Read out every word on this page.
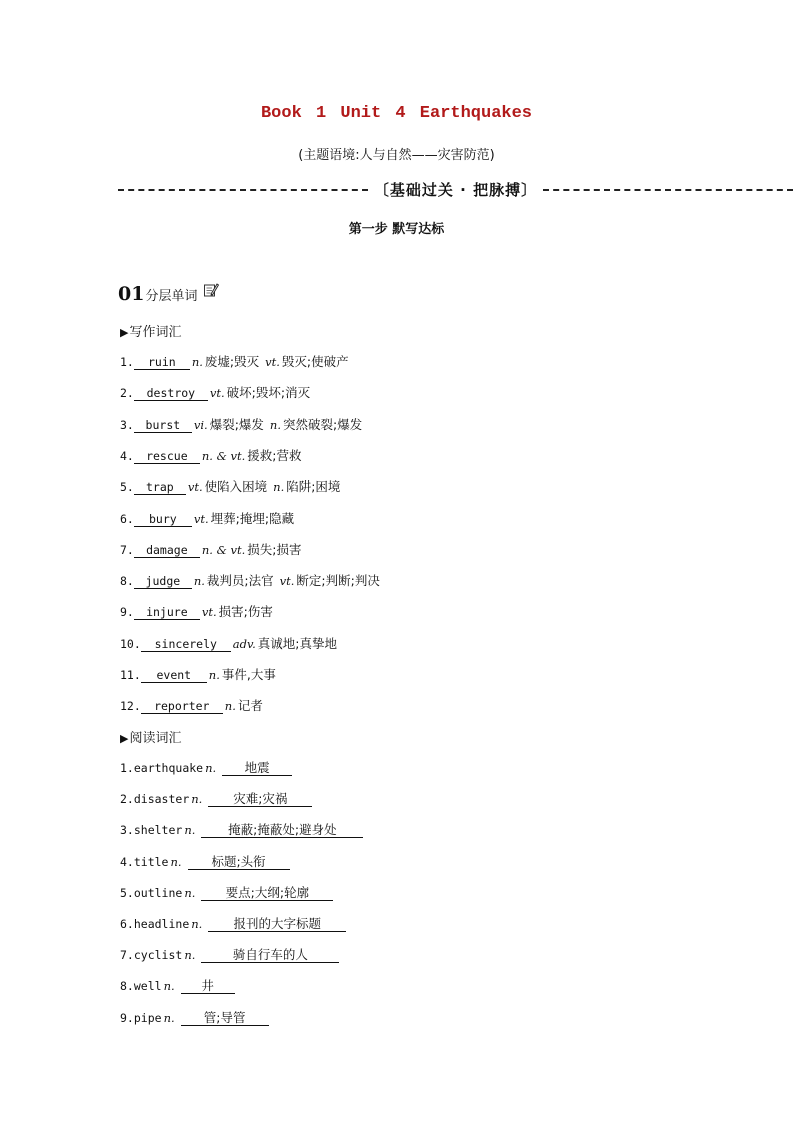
Book 1 Unit 4 Earthquakes
(主题语境:人与自然——灾害防范)
〔基础过关 · 把脉搏〕
第一步 默写达标
01 分层单词
▶写作词汇
1. ruin n. 废墟;毁灭 vt. 毁灭;使破产
2. destroy vt. 破坏;毁坏;消灭
3. burst vi. 爆裂;爆发 n. 突然破裂;爆发
4. rescue n. & vt. 援救;营救
5. trap vt. 使陷入困境 n. 陷阱;困境
6. bury vt. 埋葬;掩埋;隐藏
7. damage n. & vt. 损失;损害
8. judge n. 裁判员;法官 vt. 断定;判断;判决
9. injure vt. 损害;伤害
10. sincerely adv. 真诚地;真挚地
11. event n. 事件,大事
12. reporter n. 记者
▶阅读词汇
1.earthquake n. 地震
2.disaster n. 灾难;灾祸
3.shelter n.	掩蔽;掩蔽处;避身处
4.title n. 标题;头衔
5.outline n. 要点;大纲;轮廓
6.headline n. 报刊的大字标题
7.cyclist n.	骑自行车的人
8.well n. 井
9.pipe n. 管;导管
